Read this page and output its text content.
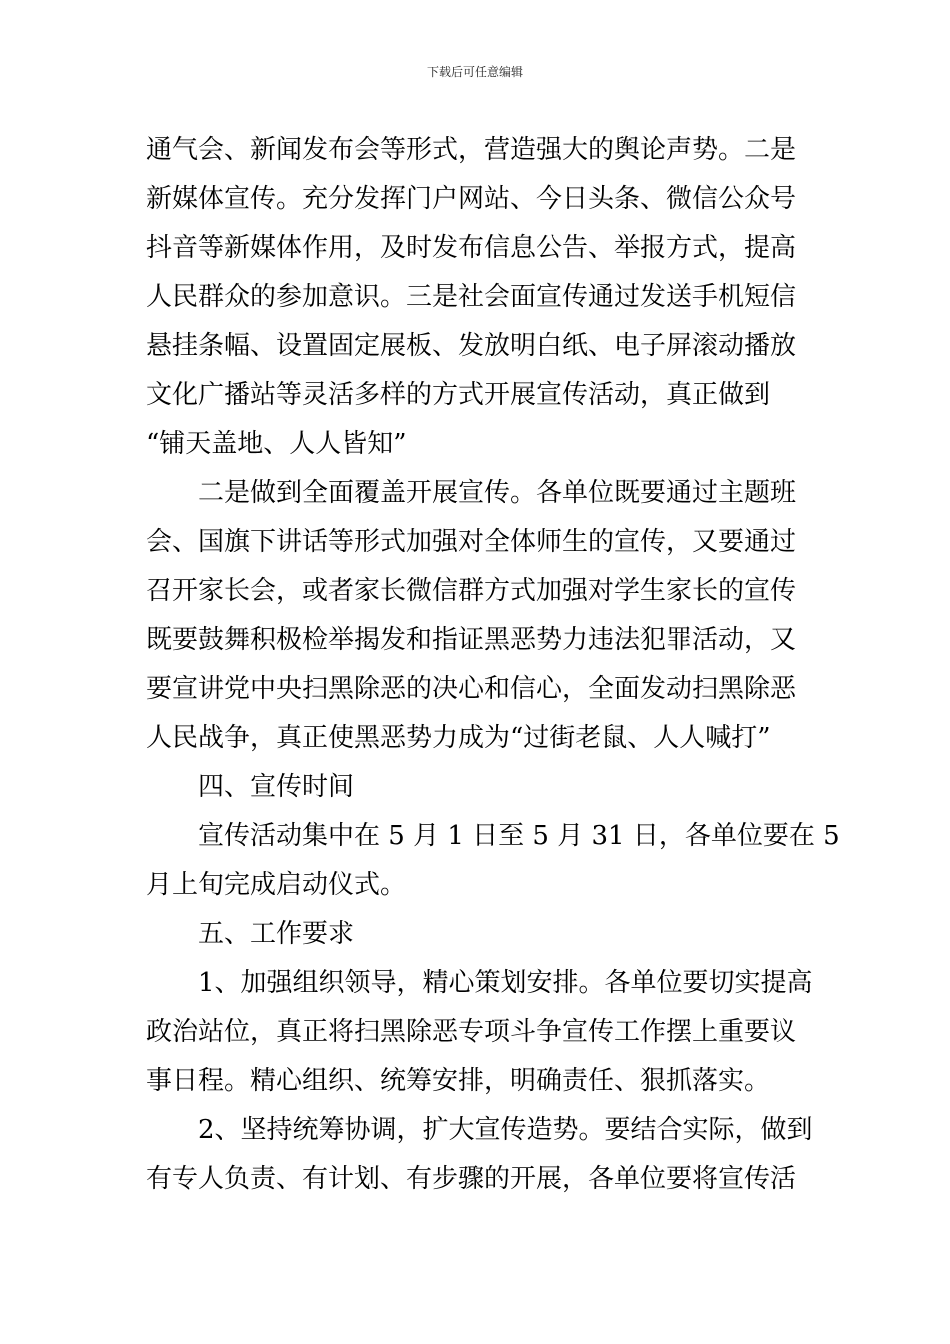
下载后可任意编辑
通气会、新闻发布会等形式，营造强大的舆论声势。二是
新媒体宣传。充分发挥门户网站、今日头条、微信公众号
抖音等新媒体作用，及时发布信息公告、举报方式，提高
人民群众的参加意识。三是社会面宣传通过发送手机短信
悬挂条幅、设置固定展板、发放明白纸、电子屏滚动播放
文化广播站等灵活多样的方式开展宣传活动，真正做到
“铺天盖地、人人皆知”
二是做到全面覆盖开展宣传。各单位既要通过主题班
会、国旗下讲话等形式加强对全体师生的宣传，又要通过
召开家长会，或者家长微信群方式加强对学生家长的宣传
既要鼓舞积极检举揭发和指证黑恶势力违法犯罪活动，又
要宣讲党中央扫黑除恶的决心和信心，全面发动扫黑除恶
人民战争，真正使黑恶势力成为“过街老鼠、人人喊打”
四、宣传时间
宣传活动集中在 5 月 1 日至 5 月 31 日，各单位要在 5
月上旬完成启动仪式。
五、工作要求
1、加强组织领导，精心策划安排。各单位要切实提高
政治站位，真正将扫黑除恶专项斗争宣传工作摆上重要议
事日程。精心组织、统筹安排，明确责任、狠抓落实。
2、坚持统筹协调，扩大宣传造势。要结合实际，做到
有专人负责、有计划、有步骤的开展，各单位要将宣传活
